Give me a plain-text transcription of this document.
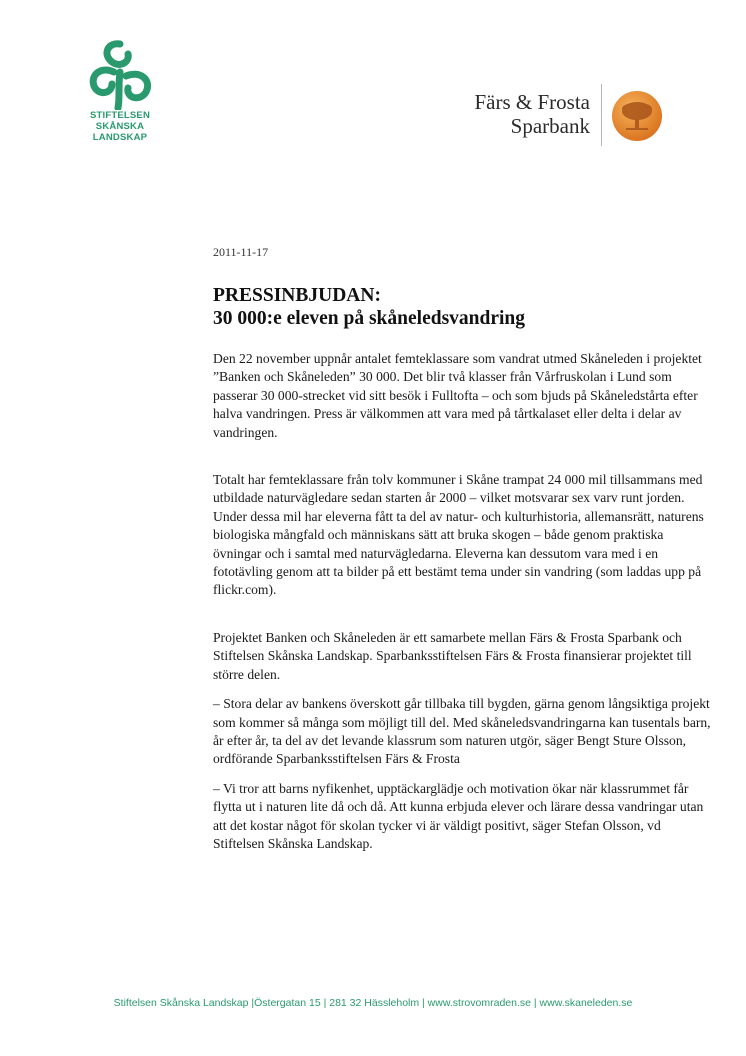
STIFTELSEN
SKÅNSKA
LANDSKAP
Färs & Frosta
Sparbank
2011-11-17
PRESSINBJUDAN:
30 000:e eleven på skåneledsvandring

Den 22 november uppnår antalet femteklassare som vandrat utmed Skåneleden i projektet ”Banken och Skåneleden” 30 000. Det blir två klasser från Vårfruskolan i Lund som passerar 30 000-strecket vid sitt besök i Fulltofta – och som bjuds på Skåneledstårta efter halva vandringen. Press är välkommen att vara med på tårtkalaset eller delta i delar av vandringen.

Totalt har femteklassare från tolv kommuner i Skåne trampat 24 000 mil tillsammans med utbildade naturvägledare sedan starten år 2000 – vilket motsvarar sex varv runt jorden. Under dessa mil har eleverna fått ta del av natur- och kulturhistoria, allemansrätt, naturens biologiska mångfald och människans sätt att bruka skogen – både genom praktiska övningar och i samtal med naturvägledarna. Eleverna kan dessutom vara med i en fototävling genom att ta bilder på ett bestämt tema under sin vandring (som laddas upp på flickr.com).

Projektet Banken och Skåneleden är ett samarbete mellan Färs & Frosta Sparbank och Stiftelsen Skånska Landskap. Sparbanksstiftelsen Färs & Frosta finansierar projektet till större delen.

– Stora delar av bankens överskott går tillbaka till bygden, gärna genom långsiktiga projekt som kommer så många som möjligt till del. Med skåneledsvandringarna kan tusentals barn, år efter år, ta del av det levande klassrum som naturen utgör, säger Bengt Sture Olsson, ordförande Sparbanksstiftelsen Färs & Frosta

– Vi tror att barns nyfikenhet, upptäckarglädje och motivation ökar när klassrummet får flytta ut i naturen lite då och då. Att kunna erbjuda elever och lärare dessa vandringar utan att det kostar något för skolan tycker vi är väldigt positivt, säger Stefan Olsson, vd Stiftelsen Skånska Landskap.

Stiftelsen Skånska Landskap |Östergatan 15 | 281 32 Hässleholm | www.strovomraden.se | www.skaneleden.se
